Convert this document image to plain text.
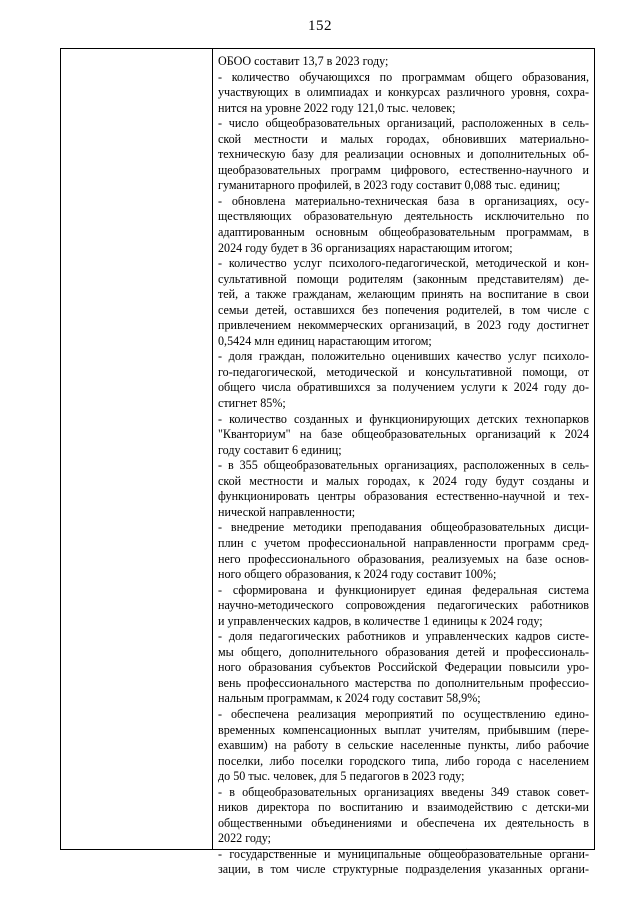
152
ОБОО составит 13,7 в 2023 году;
- количество обучающихся по программам общего образования,
участвующих в олимпиадах и конкурсах различного уровня, сохра-
нится на уровне 2022 году 121,0 тыс. человек;
- число общеобразовательных организаций, расположенных в сель-
ской местности и малых городах, обновивших материально-
техническую базу для реализации основных и дополнительных об-
щеобразовательных программ цифрового, естественно-научного и
гуманитарного профилей, в 2023 году составит 0,088 тыс. единиц;
- обновлена материально-техническая база в организациях, осу-
ществляющих образовательную деятельность исключительно по
адаптированным основным общеобразовательным программам, в
2024 году будет в 36 организациях нарастающим итогом;
- количество услуг психолого-педагогической, методической и кон-
сультативной помощи родителям (законным представителям) де-
тей, а также гражданам, желающим принять на воспитание в свои
семьи детей, оставшихся без попечения родителей, в том числе с
привлечением некоммерческих организаций, в 2023 году достигнет
0,5424 млн единиц нарастающим итогом;
- доля граждан, положительно оценивших качество услуг психоло-
го-педагогической, методической и консультативной помощи, от
общего числа обратившихся за получением услуги к 2024 году до-
стигнет 85%;
- количество созданных и функционирующих детских технопарков
"Кванториум" на базе общеобразовательных организаций к 2024
году составит 6 единиц;
- в 355 общеобразовательных организациях, расположенных в сель-
ской местности и малых городах, к 2024 году будут созданы и
функционировать центры образования естественно-научной и тех-
нической направленности;
- внедрение методики преподавания общеобразовательных дисци-
плин с учетом профессиональной направленности программ сред-
него профессионального образования, реализуемых на базе основ-
ного общего образования, к 2024 году составит 100%;
- сформирована и функционирует единая федеральная система
научно-методического сопровождения педагогических работников
и управленческих кадров, в количестве 1 единицы к 2024 году;
- доля педагогических работников и управленческих кадров систе-
мы общего, дополнительного образования детей и профессиональ-
ного образования субъектов Российской Федерации повысили уро-
вень профессионального мастерства по дополнительным профессио-
нальным программам, к 2024 году составит 58,9%;
- обеспечена реализация мероприятий по осуществлению едино-
временных компенсационных выплат учителям, прибывшим (пере-
ехавшим) на работу в сельские населенные пункты, либо рабочие
поселки, либо поселки городского типа, либо города с населением
до 50 тыс. человек, для 5 педагогов в 2023 году;
- в общеобразовательных организациях введены 349 ставок совет-
ников директора по воспитанию и взаимодействию с детски-ми
общественными объединениями и обеспечена их деятельность в
2022 году;
- государственные и муниципальные общеобразовательные органи-
зации, в том числе структурные подразделения указанных органи-
